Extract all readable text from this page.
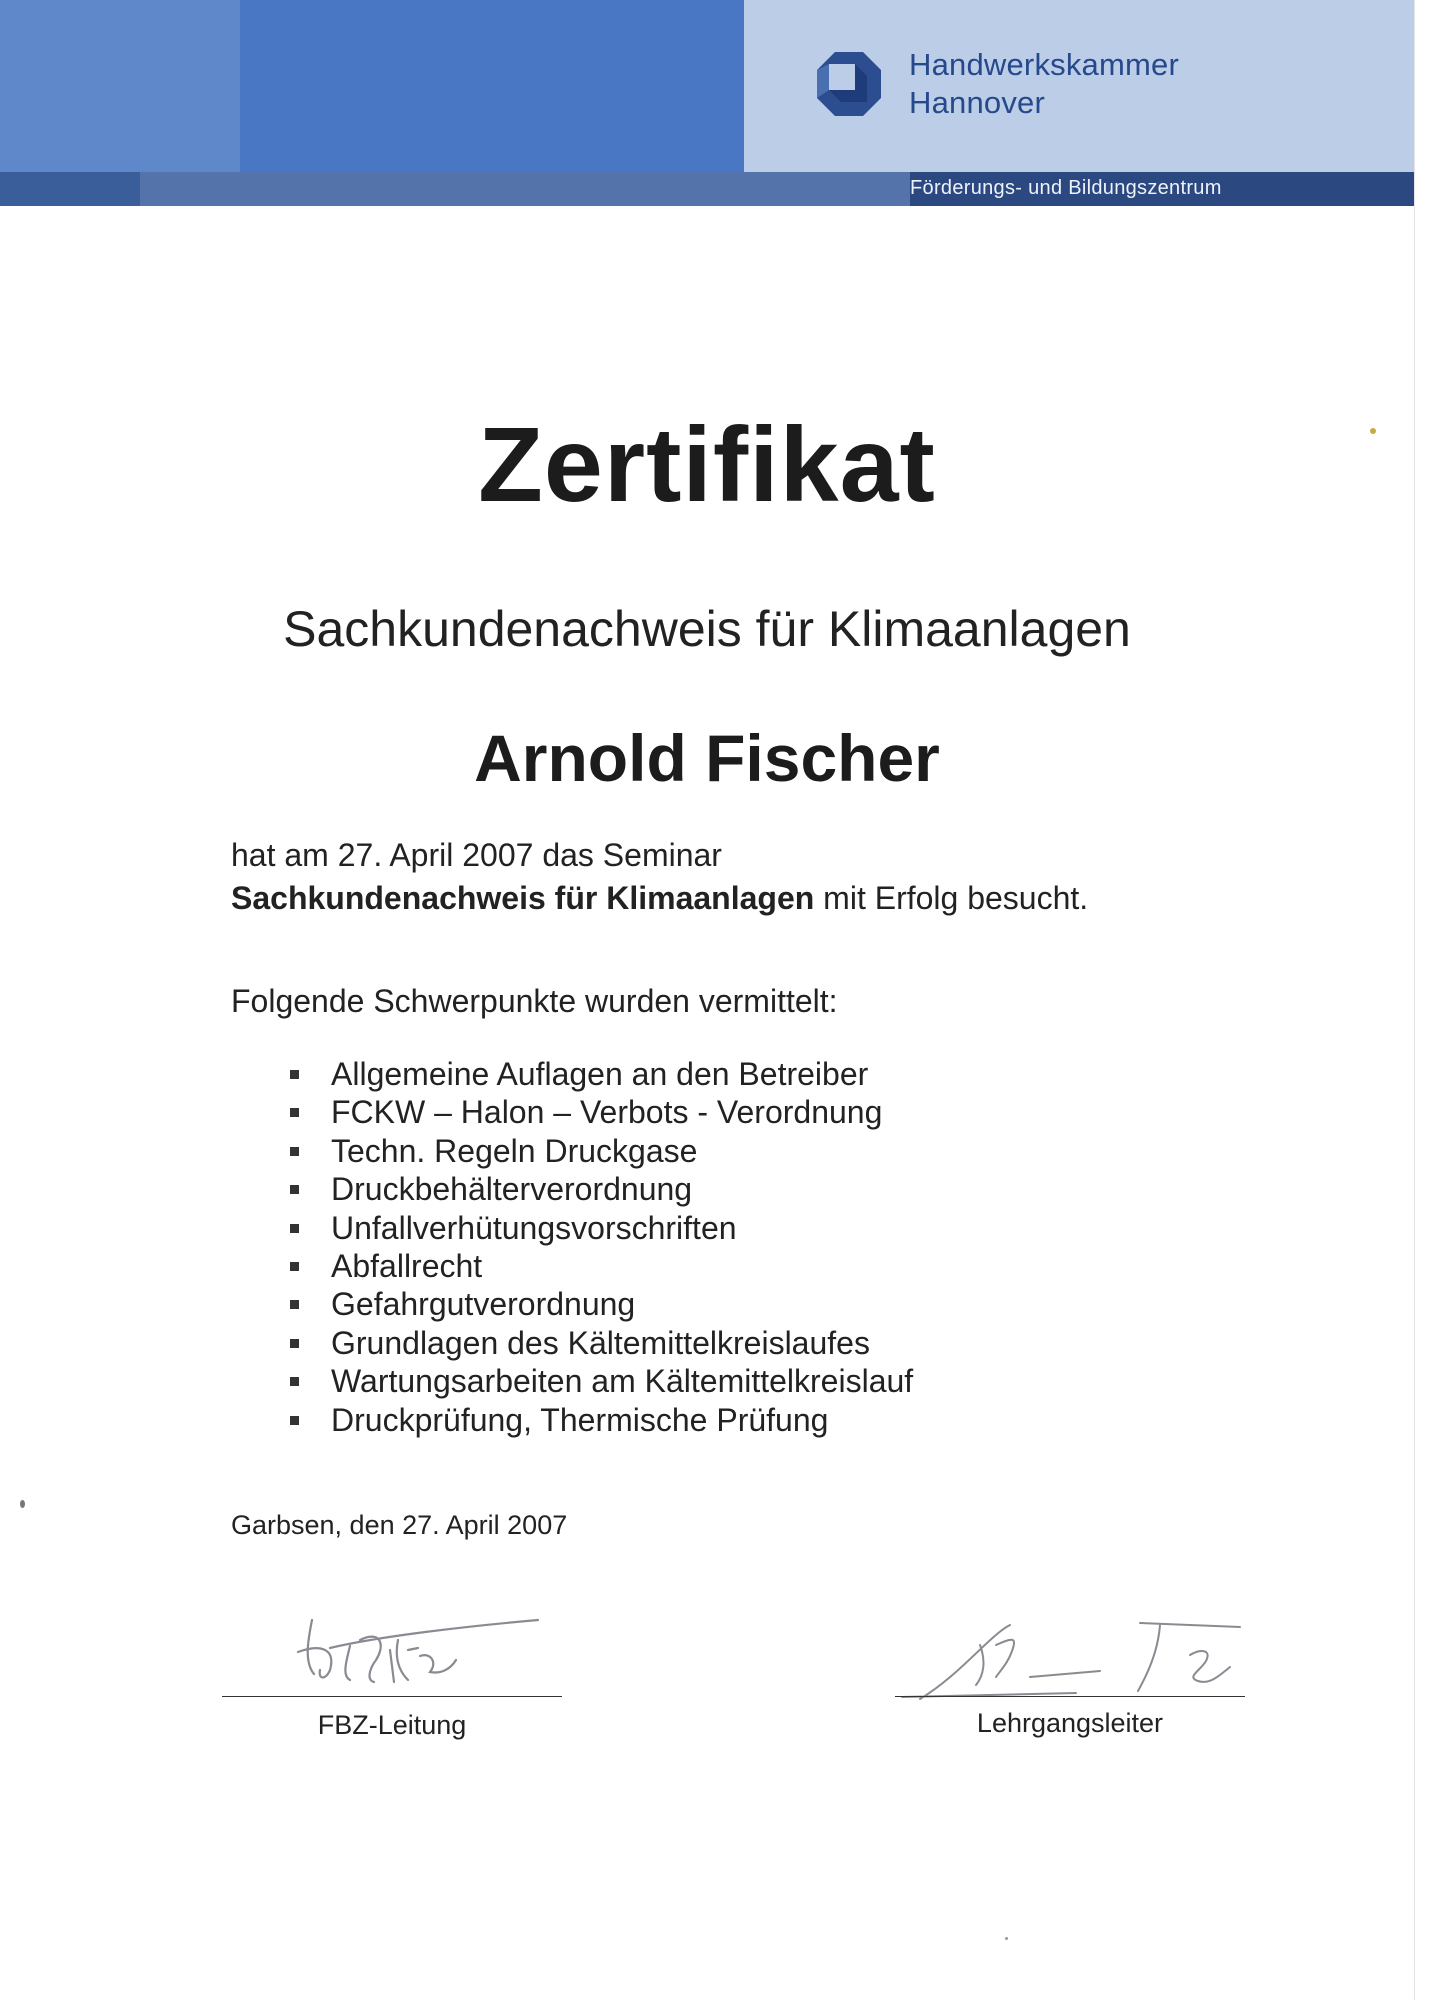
Handwerkskammer
Hannover
Förderungs- und Bildungszentrum
Zertifikat
Sachkundenachweis für Klimaanlagen
Arnold Fischer
hat am 27. April 2007 das Seminar
Sachkundenachweis für Klimaanlagen mit Erfolg besucht.
Folgende Schwerpunkte wurden vermittelt:
Allgemeine Auflagen an den Betreiber
FCKW – Halon – Verbots - Verordnung
Techn. Regeln Druckgase
Druckbehälterverordnung
Unfallverhütungsvorschriften
Abfallrecht
Gefahrgutverordnung
Grundlagen des Kältemittelkreislaufes
Wartungsarbeiten am Kältemittelkreislauf
Druckprüfung, Thermische Prüfung
Garbsen, den 27. April 2007
FBZ-Leitung	Lehrgangsleiter
